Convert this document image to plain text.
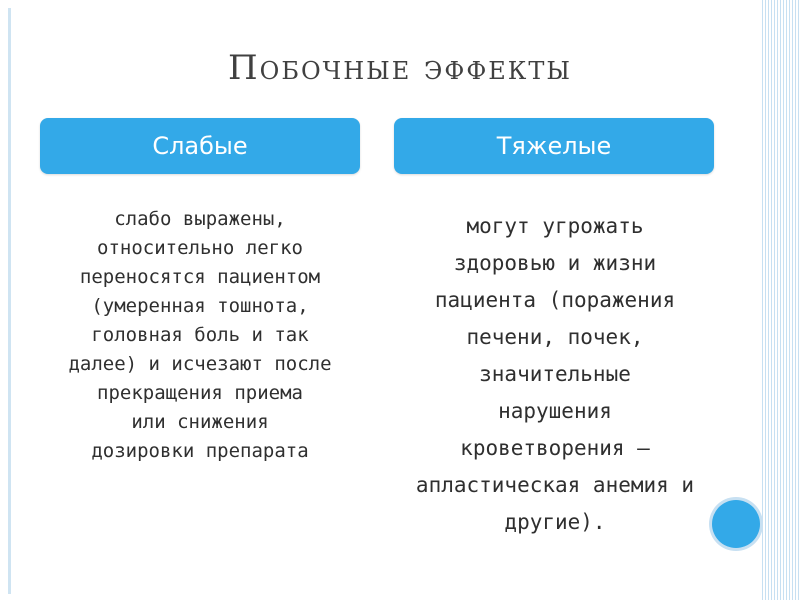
Побочные эффекты
Слабые	Тяжелые
слабо выражены,
относительно легко
переносятся пациентом
(умеренная тошнота,
головная боль и так
далее) и исчезают после
прекращения приема
или снижения
дозировки препарата
могут угрожать
здоровью и жизни
пациента (поражения
печени, почек,
значительные
нарушения
кроветворения –
апластическая анемия и
другие).
